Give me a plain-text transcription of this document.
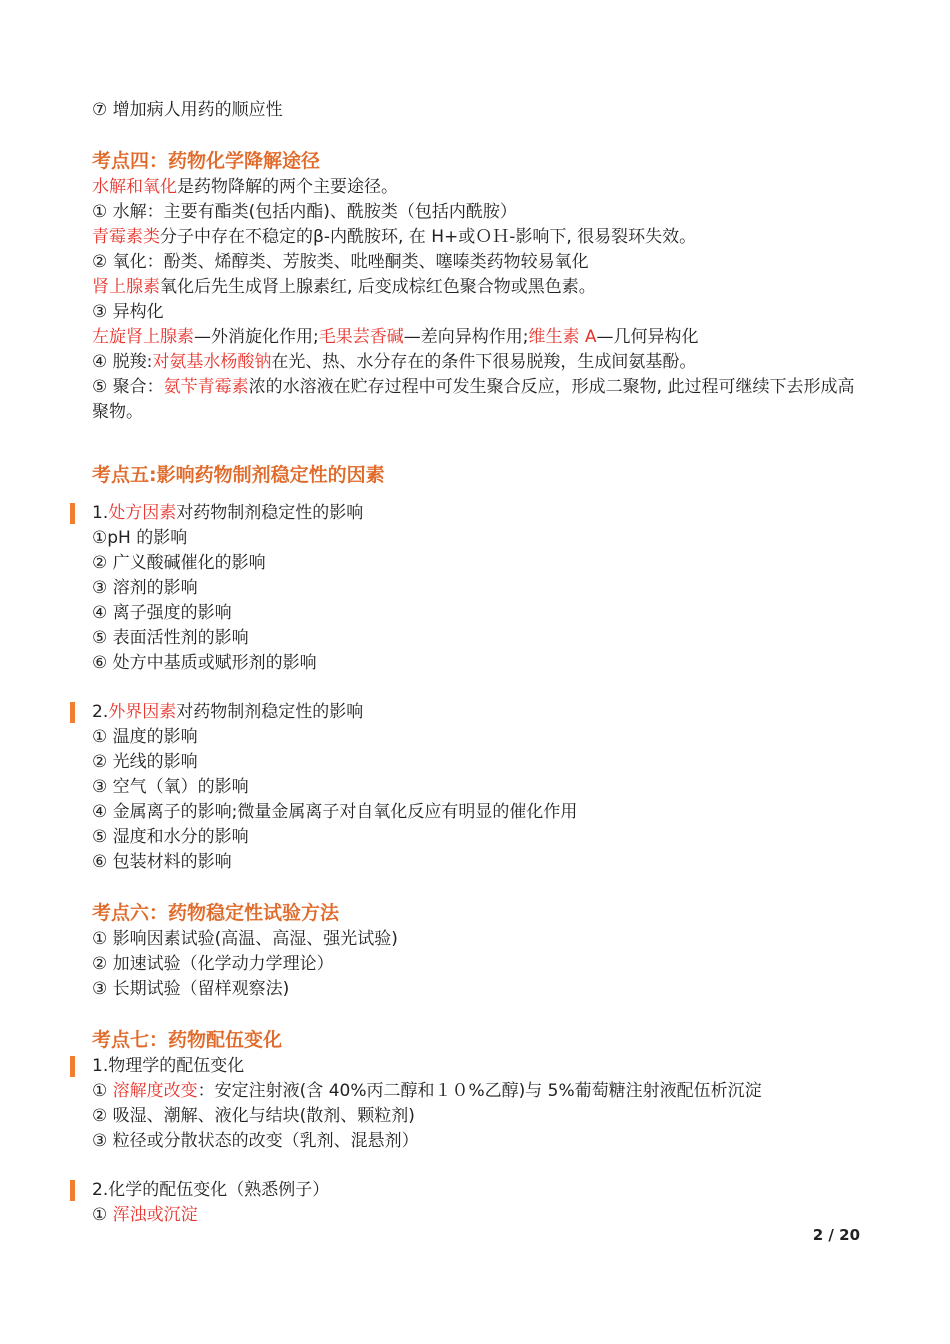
⑦ 增加病人用药的顺应性
考点四：药物化学降解途径
水解和氧化是药物降解的两个主要途径。
① 水解：主要有酯类(包括内酯)、酰胺类（包括内酰胺）
青霉素类分子中存在不稳定的β-内酰胺环, 在 H+或ＯＨ-影响下, 很易裂环失效。
② 氧化：酚类、烯醇类、芳胺类、吡唑酮类、噻嗪类药物较易氧化
肾上腺素氧化后先生成肾上腺素红, 后变成棕红色聚合物或黑色素。
③ 异构化
左旋肾上腺素—外消旋化作用;毛果芸香碱—差向异构作用;维生素 A—几何异构化
④ 脱羧:对氨基水杨酸钠在光、热、水分存在的条件下很易脱羧，生成间氨基酚。
⑤ 聚合：氨苄青霉素浓的水溶液在贮存过程中可发生聚合反应，形成二聚物, 此过程可继续下去形成高聚物。
考点五:影响药物制剂稳定性的因素
1.处方因素对药物制剂稳定性的影响
①pH 的影响
② 广义酸碱催化的影响
③ 溶剂的影响
④ 离子强度的影响
⑤ 表面活性剂的影响
⑥ 处方中基质或赋形剂的影响
2.外界因素对药物制剂稳定性的影响
① 温度的影响
② 光线的影响
③ 空气（氧）的影响
④ 金属离子的影响;微量金属离子对自氧化反应有明显的催化作用
⑤ 湿度和水分的影响
⑥ 包装材料的影响
考点六：药物稳定性试验方法
① 影响因素试验(高温、高湿、强光试验)
② 加速试验（化学动力学理论）
③ 长期试验（留样观察法)
考点七：药物配伍变化
1.物理学的配伍变化
① 溶解度改变：安定注射液(含 40%丙二醇和１０%乙醇)与 5%葡萄糖注射液配伍析沉淀
② 吸湿、潮解、液化与结块(散剂、颗粒剂)
③ 粒径或分散状态的改变（乳剂、混悬剂）
2.化学的配伍变化（熟悉例子）
① 浑浊或沉淀
2 / 20
